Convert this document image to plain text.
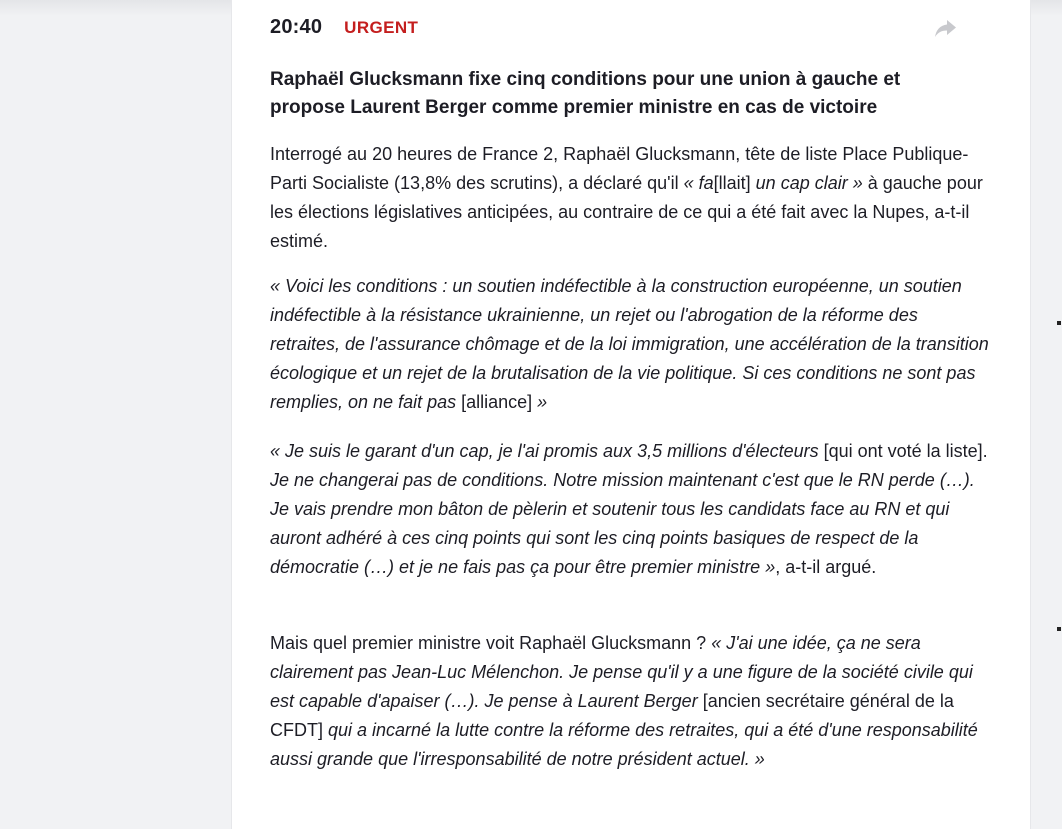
20:40 URGENT
Raphaël Glucksmann fixe cinq conditions pour une union à gauche et
propose Laurent Berger comme premier ministre en cas de victoire
Interrogé au 20 heures de France 2, Raphaël Glucksmann, tête de liste Place Publique-Parti Socialiste (13,8% des scrutins), a déclaré qu'il « fa[llait] un cap clair » à gauche pour les élections législatives anticipées, au contraire de ce qui a été fait avec la Nupes, a-t-il estimé.
« Voici les conditions : un soutien indéfectible à la construction européenne, un soutien indéfectible à la résistance ukrainienne, un rejet ou l'abrogation de la réforme des retraites, de l'assurance chômage et de la loi immigration, une accélération de la transition écologique et un rejet de la brutalisation de la vie politique. Si ces conditions ne sont pas remplies, on ne fait pas [alliance] »
« Je suis le garant d'un cap, je l'ai promis aux 3,5 millions d'électeurs [qui ont voté la liste]. Je ne changerai pas de conditions. Notre mission maintenant c'est que le RN perde (…). Je vais prendre mon bâton de pèlerin et soutenir tous les candidats face au RN et qui auront adhéré à ces cinq points qui sont les cinq points basiques de respect de la démocratie (…) et je ne fais pas ça pour être premier ministre », a-t-il argué.
Mais quel premier ministre voit Raphaël Glucksmann ? « J'ai une idée, ça ne sera clairement pas Jean-Luc Mélenchon. Je pense qu'il y a une figure de la société civile qui est capable d'apaiser (…). Je pense à Laurent Berger [ancien secrétaire général de la CFDT] qui a incarné la lutte contre la réforme des retraites, qui a été d'une responsabilité aussi grande que l'irresponsabilité de notre président actuel. »
